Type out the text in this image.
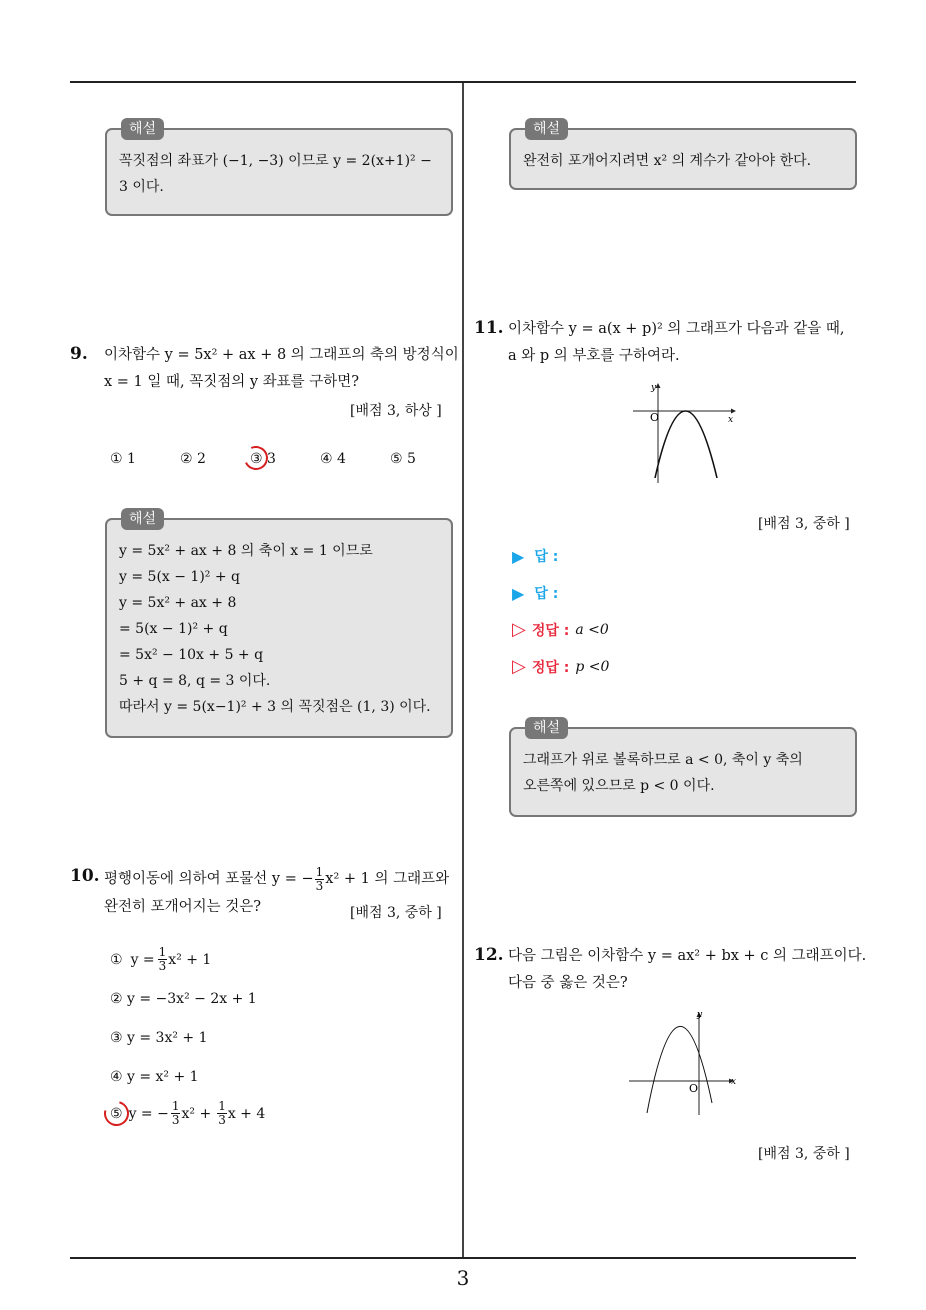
3
해설
꼭짓점의 좌표가 (−1, −3) 이므로 y = 2(x+1)² −
3 이다.
9. 이차함수 y = 5x² + ax + 8 의 그래프의 축의 방정식이
x = 1 일 때, 꼭짓점의 y 좌표를 구하면?
[배점 3, 하상 ]
① 1	② 2	③ 3	④ 4	⑤ 5
해설
y = 5x² + ax + 8 의 축이 x = 1 이므로
y = 5(x − 1)² + q
y = 5x² + ax + 8
= 5(x − 1)² + q
= 5x² − 10x + 5 + q
5 + q = 8, q = 3 이다.
따라서 y = 5(x−1)² + 3 의 꼭짓점은 (1, 3) 이다.
10. 평행이동에 의하여 포물선 y = − $\frac{1}{3} x^2 + 1$ 의 그래프와
완전히 포개어지는 것은?	[배점 3, 중하 ]
① $y = \frac{1}{3} x^2 + 1$
② y = −3x² − 2x + 1
③ y = 3x² + 1
④ y = x² + 1
⑤ y = − $\frac{1}{3} x^2 + \frac{1}{3}$ x + 4
해설
완전히 포개어지려면 x² 의 계수가 같아야 한다.
11. 이차함수 y = a(x + p)² 의 그래프가 다음과 같을 때,
a 와 p 의 부호를 구하여라.
y
x
O
[배점 3, 중하 ]
▶ 답 :
▶ 답 :
▷ 정답 : a <0
▷ 정답 : p <0
해설
그래프가 위로 볼록하므로 a < 0, 축이 y 축의
오른쪽에 있으므로 p < 0 이다.
12. 다음 그림은 이차함수 y = ax² + bx + c 의 그래프이다.
다음 중 옳은 것은?
y
x
O
[배점 3, 중하 ]
